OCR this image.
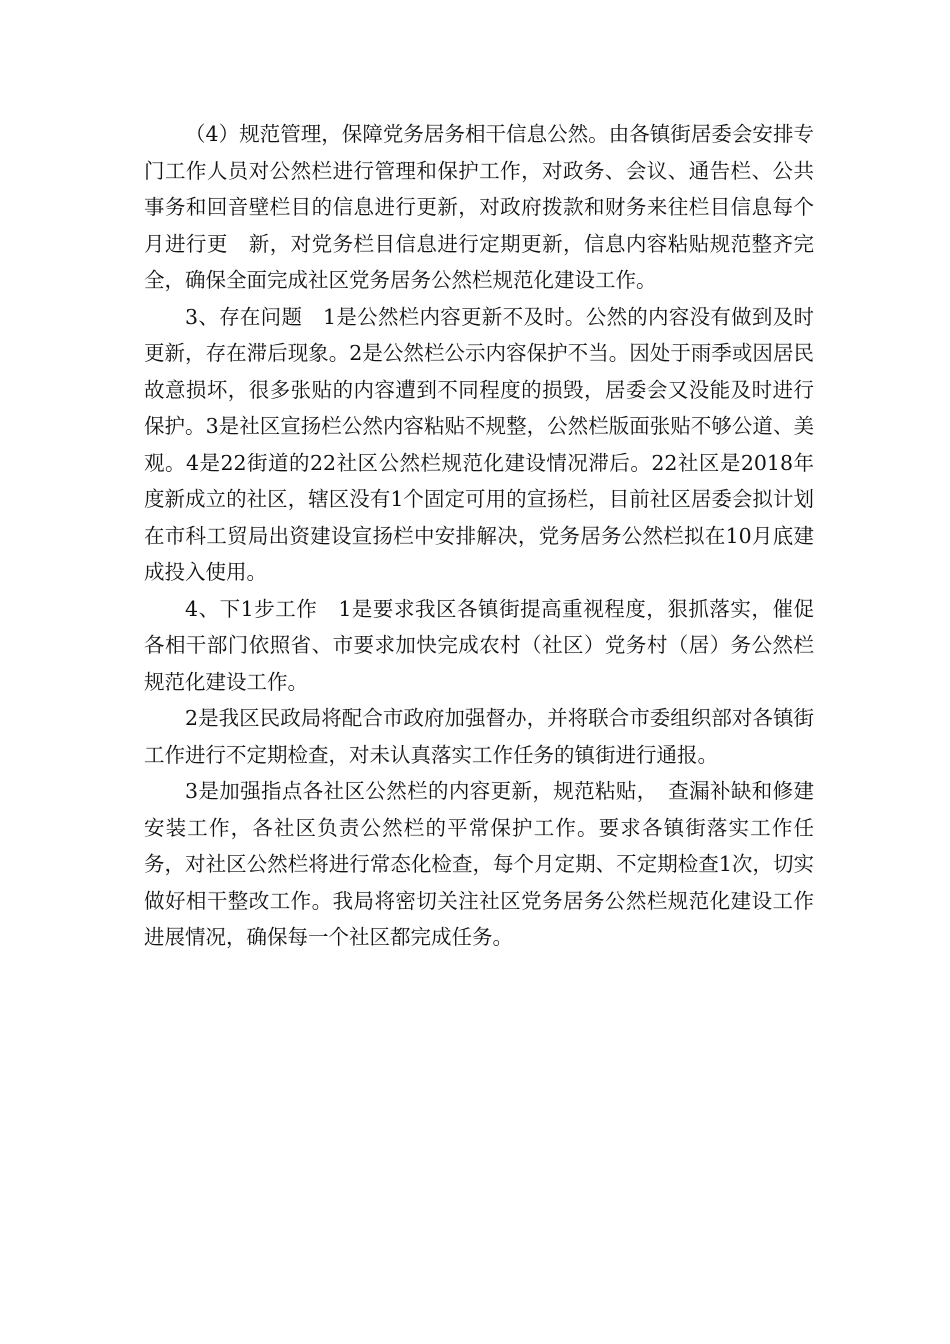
（4）规范管理，保障党务居务相干信息公然。由各镇街居委会安排专门工作人员对公然栏进行管理和保护工作，对政务、会议、通告栏、公共事务和回音壁栏目的信息进行更新，对政府拨款和财务来往栏目信息每个月进行更　新，对党务栏目信息进行定期更新，信息内容粘贴规范整齐完全，确保全面完成社区党务居务公然栏规范化建设工作。

3、存在问题　1是公然栏内容更新不及时。公然的内容没有做到及时更新，存在滞后现象。2是公然栏公示内容保护不当。因处于雨季或因居民故意损坏，很多张贴的内容遭到不同程度的损毁，居委会又没能及时进行保护。3是社区宣扬栏公然内容粘贴不规整，公然栏版面张贴不够公道、美观。4是22街道的22社区公然栏规范化建设情况滞后。22社区是2018年度新成立的社区，辖区没有1个固定可用的宣扬栏，目前社区居委会拟计划在市科工贸局出资建设宣扬栏中安排解决，党务居务公然栏拟在10月底建成投入使用。

4、下1步工作　1是要求我区各镇街提高重视程度，狠抓落实，催促各相干部门依照省、市要求加快完成农村（社区）党务村（居）务公然栏规范化建设工作。

2是我区民政局将配合市政府加强督办，并将联合市委组织部对各镇街工作进行不定期检查，对未认真落实工作任务的镇街进行通报。

3是加强指点各社区公然栏的内容更新，规范粘贴，　查漏补缺和修建安装工作，各社区负责公然栏的平常保护工作。要求各镇街落实工作任务，对社区公然栏将进行常态化检查，每个月定期、不定期检查1次，切实做好相干整改工作。我局将密切关注社区党务居务公然栏规范化建设工作进展情况，确保每一个社区都完成任务。
